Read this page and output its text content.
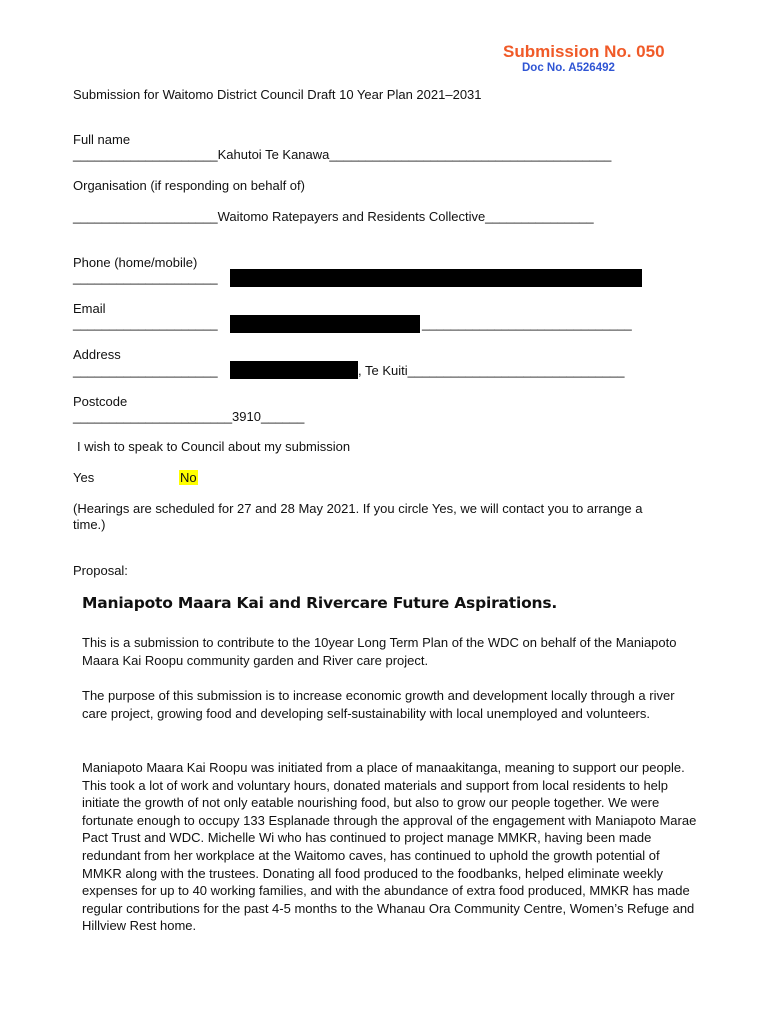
Submission No. 050
Doc No. A526492
Submission for Waitomo District Council Draft 10 Year Plan 2021–2031
Full name
____________________Kahutoi Te Kanawa_______________________________________
Organisation (if responding on behalf of)
____________________Waitomo Ratepayers and Residents Collective_______________
Phone (home/mobile)
____________________
Email
____________________	_____________________________
Address
____________________	, Te Kuiti______________________________
Postcode
______________________3910______
I wish to speak to Council about my submission
Yes	No
(Hearings are scheduled for 27 and 28 May 2021. If you circle Yes, we will contact you to arrange a
time.)
Proposal:
Maniapoto Maara Kai and Rivercare Future Aspirations.
This is a submission to contribute to the 10year Long Term Plan of the WDC on behalf of the Maniapoto Maara Kai Roopu community garden and River care project.
The purpose of this submission is to increase economic growth and development locally through a river care project, growing food and developing self-sustainability with local unemployed and volunteers.
Maniapoto Maara Kai Roopu was initiated from a place of manaakitanga, meaning to support our people. This took a lot of work and voluntary hours, donated materials and support from local residents to help initiate the growth of not only eatable nourishing food, but also to grow our people together. We were fortunate enough to occupy 133 Esplanade through the approval of the engagement with Maniapoto Marae Pact Trust and WDC. Michelle Wi who has continued to project manage MMKR, having been made redundant from her workplace at the Waitomo caves, has continued to uphold the growth potential of MMKR along with the trustees. Donating all food produced to the foodbanks, helped eliminate weekly expenses for up to 40 working families, and with the abundance of extra food produced, MMKR has made regular contributions for the past 4-5 months to the Whanau Ora Community Centre, Women’s Refuge and Hillview Rest home.
